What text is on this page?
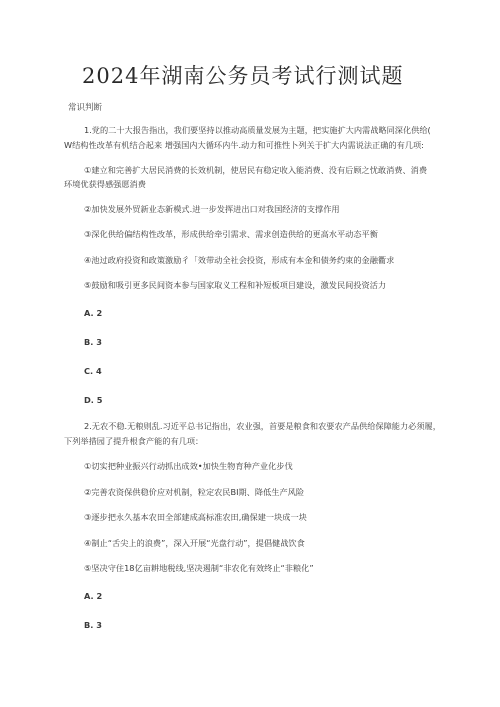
2024年湖南公务员考试行测试题
常识判断
1.党的二十大报告指出，我们要坚持以推动高质量发展为主题，把实施扩大内需战略同深化供给(
W结构性改革有机结合起来 增强国内大循环内牛.动力和可推性卜列关于扩大内需说法正确的有几项:
①建立和完善扩大居民消费的长效机制，使居民有稳定收入能消费、没有后顾之忧敢消费、消费
环境优获得感强愿消费
②加快发展外贸新业态新模式.进一步发挥进出口对我国经济的支撑作用
③深化供给偏结构性改革，形成供给牵引需求、需求创造供给的更高水平动态平衡
④池过政府投资和政策激励彳「效带动全社会投资，形成有本金和债务约束的金融衢求
⑤鼓励和吸引更多民间资本参与国家取义工程和补短板项目建设，激发民间投资活力
A. 2
B. 3
C. 4
D. 5
2.无农不稳.无粮则乱.习近平总书记指出，农业强，首要是粮食和农要农产品供给保障能力必须履，
下列举措园了提升根食产能的有几项：
①切实把种业振兴行动抓出成效•加快生物育种产业化步伐
②完善农资保供稳价应对机制，粒定农民BI期、降低生产风险
③逐步把永久基本农田全部建成高标准农田,确保建一块成一块
④制止“舌尖上的浪费”，深入开展“光盘行动”，提倡健战饮食
⑤坚决守住18亿亩耕地税线,坚决遏制“非农化有效终止“非粮化”
A. 2
B. 3
